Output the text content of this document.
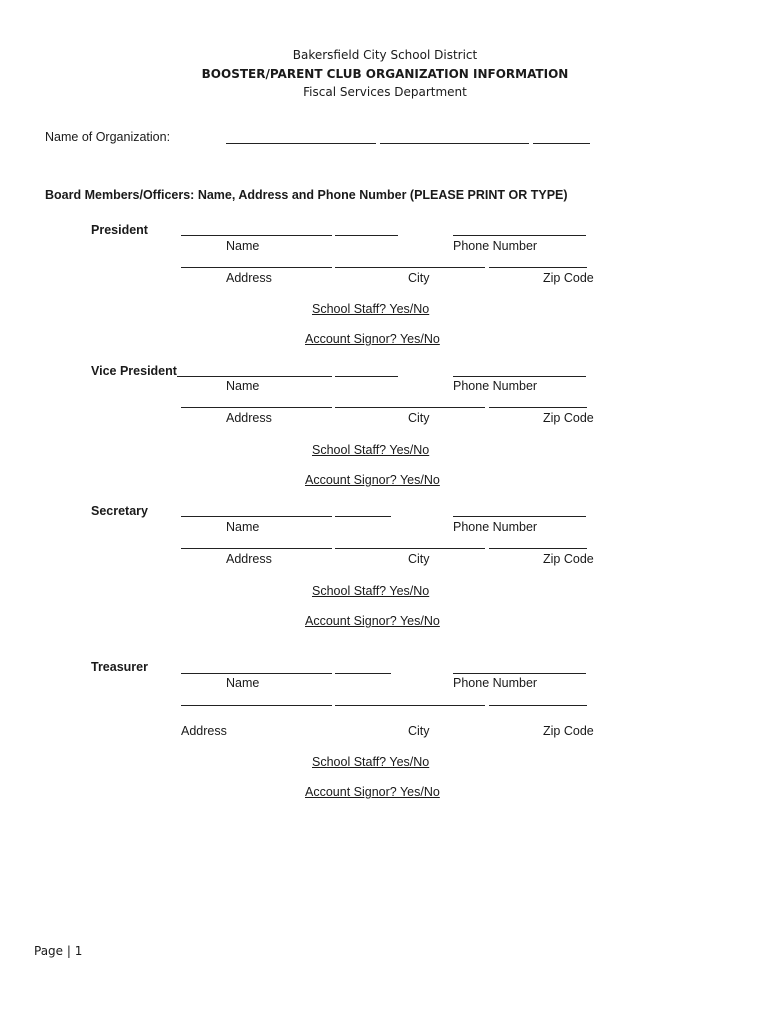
Bakersfield City School District
BOOSTER/PARENT CLUB ORGANIZATION INFORMATION
Fiscal Services Department
Name of Organization:
Board Members/Officers: Name, Address and Phone Number (PLEASE PRINT OR TYPE)
President
Name	Phone Number
Address	City	Zip Code
School Staff? Yes/No
Account Signor? Yes/No
Vice President
Name	Phone Number
Address	City	Zip Code
School Staff? Yes/No
Account Signor? Yes/No
Secretary
Name	Phone Number
Address	City	Zip Code
School Staff? Yes/No
Account Signor? Yes/No
Treasurer
Name	Phone Number
Address	City	Zip Code
School Staff? Yes/No
Account Signor? Yes/No
Page | 1
